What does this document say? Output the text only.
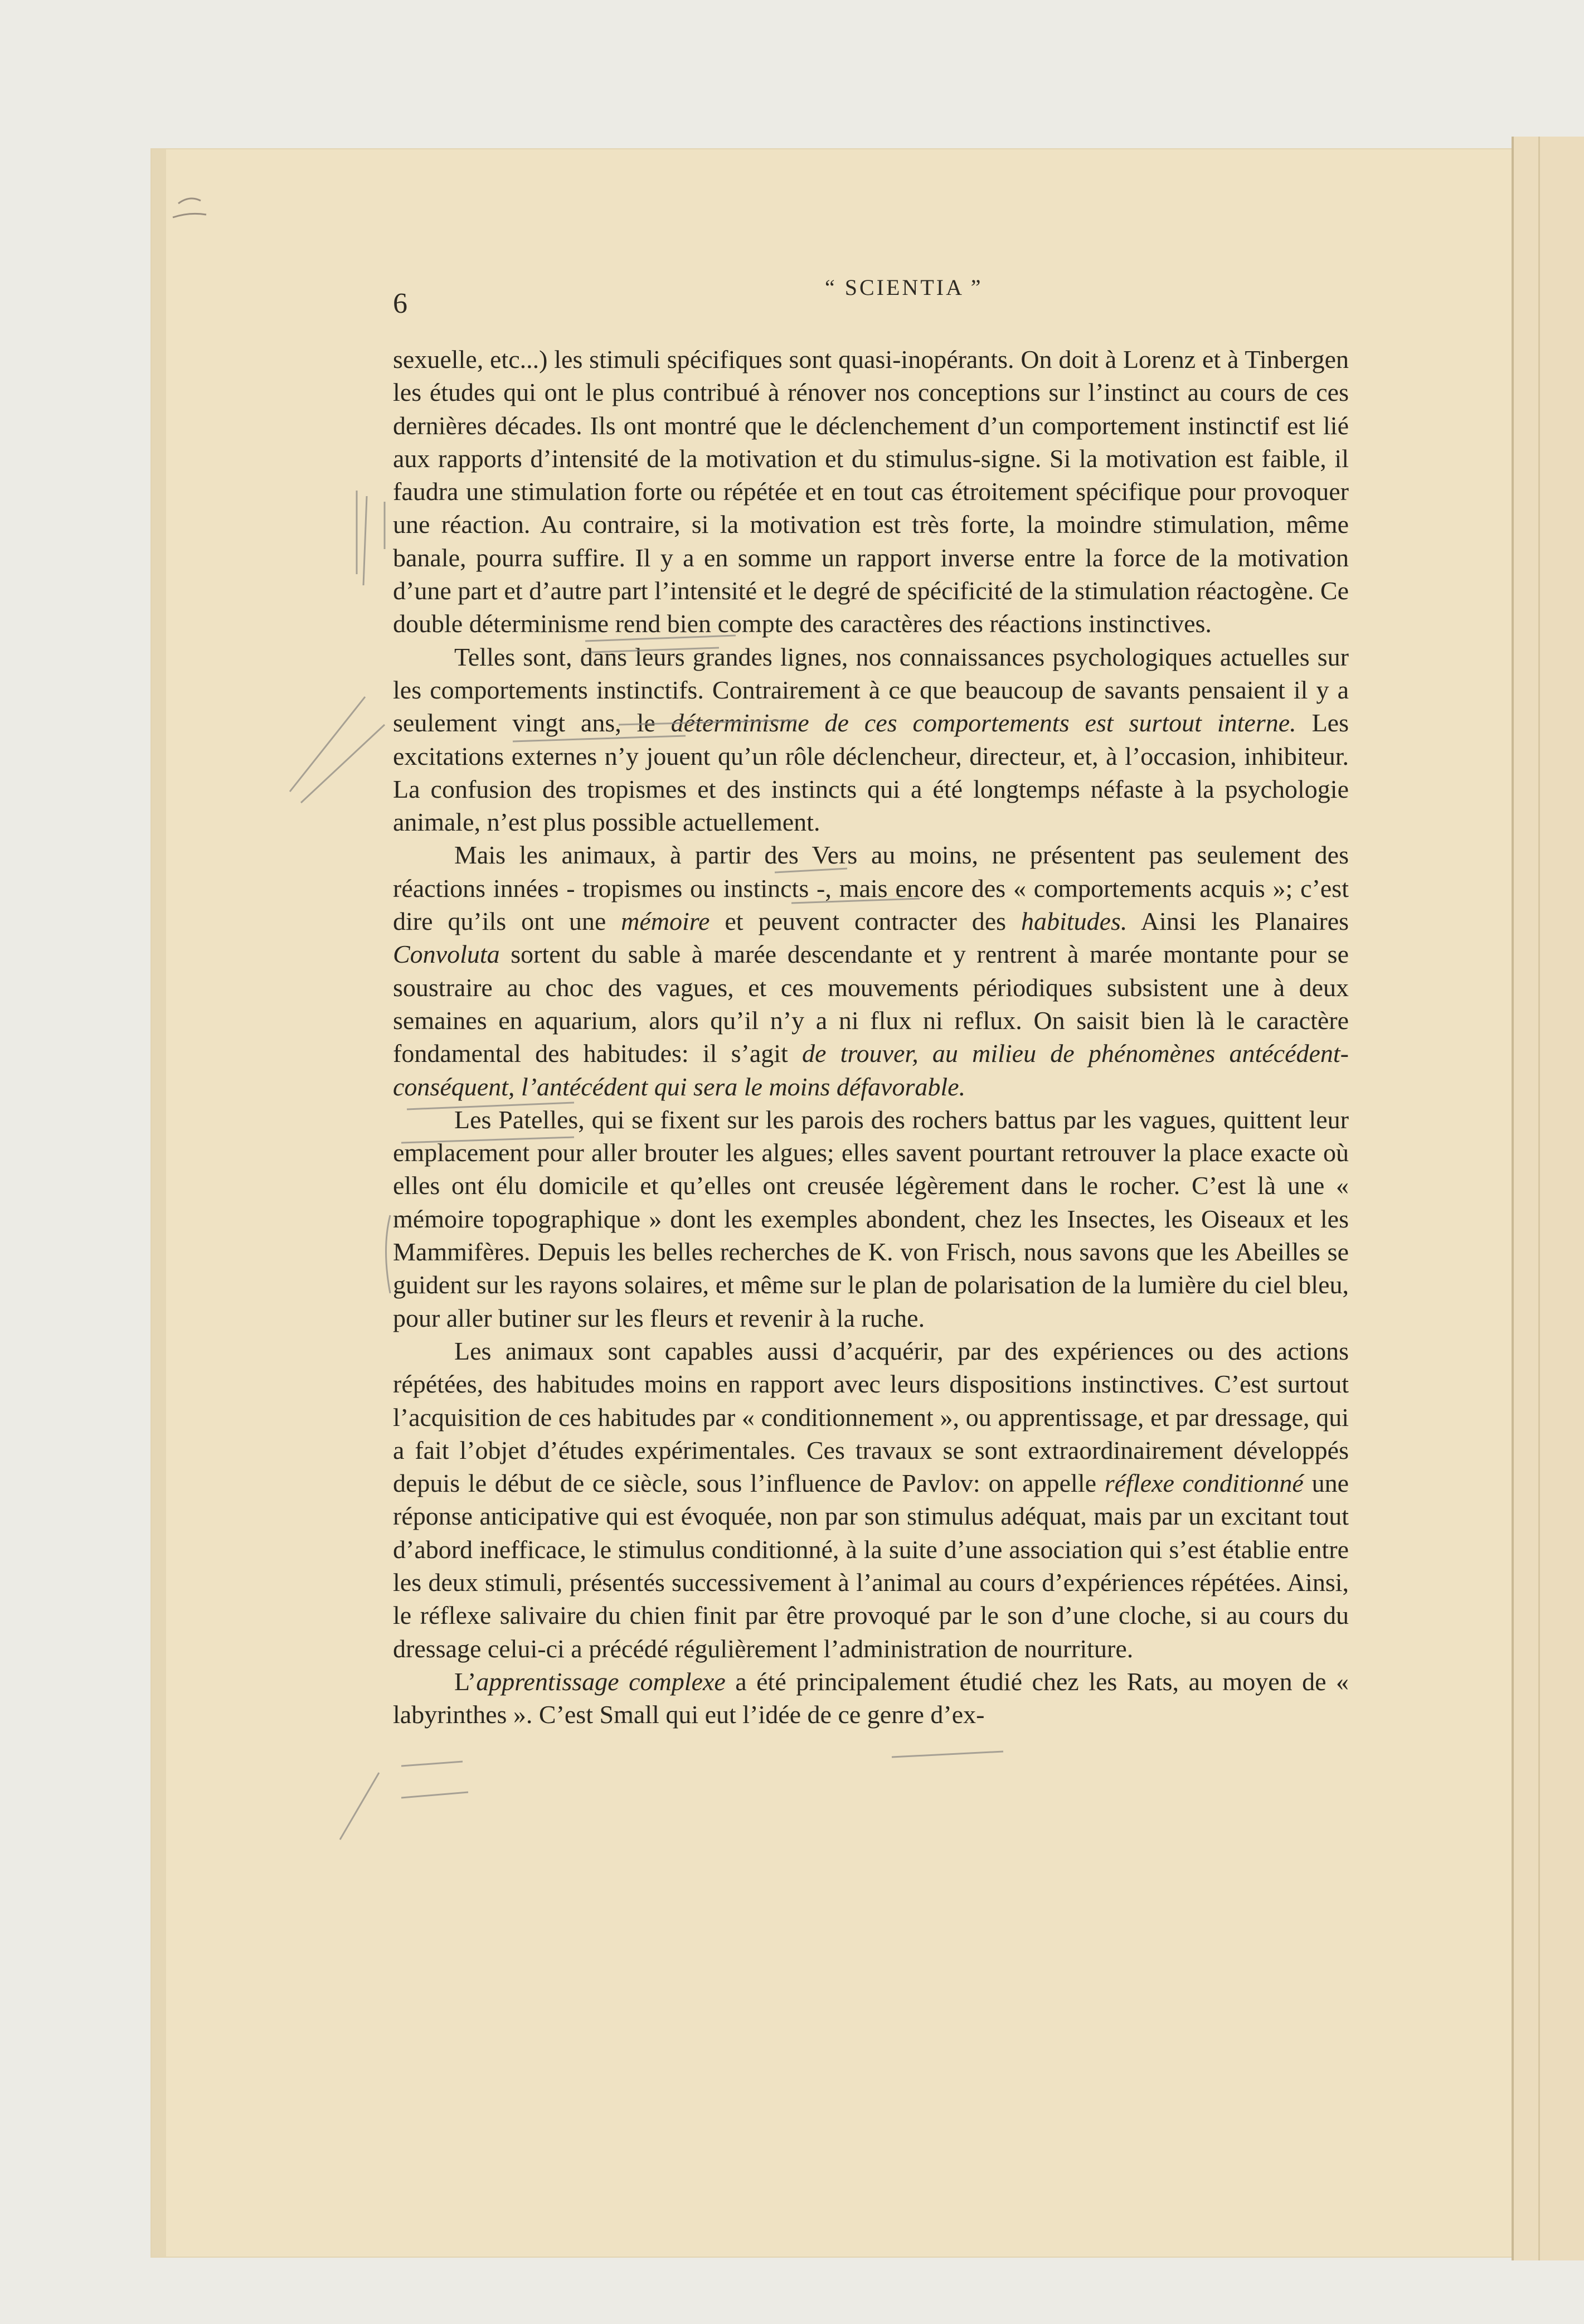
6
“ SCIENTIA ”

sexuelle, etc...) les stimuli spécifiques sont quasi-inopérants. On doit à Lorenz et à Tinbergen les études qui ont le plus contribué à rénover nos conceptions sur l’instinct au cours de ces dernières décades. Ils ont montré que le déclenchement d’un comportement instinctif est lié aux rapports d’intensité de la motivation et du stimulus-signe. Si la motivation est faible, il faudra une stimulation forte ou répétée et en tout cas étroitement spécifique pour provoquer une réaction. Au contraire, si la motivation est très forte, la moindre stimulation, même banale, pourra suffire. Il y a en somme un rapport inverse entre la force de la motivation d’une part et d’autre part l’intensité et le degré de spécificité de la stimulation réactogène. Ce double déterminisme rend bien compte des caractères des réactions instinctives.

Telles sont, dans leurs grandes lignes, nos connaissances psychologiques actuelles sur les comportements instinctifs. Contrairement à ce que beaucoup de savants pensaient il y a seulement vingt ans, le déterminisme de ces comportements est surtout interne. Les excitations externes n’y jouent qu’un rôle déclencheur, directeur, et, à l’occasion, inhibiteur. La confusion des tropismes et des instincts qui a été longtemps néfaste à la psychologie animale, n’est plus possible actuellement.

Mais les animaux, à partir des Vers au moins, ne présentent pas seulement des réactions innées - tropismes ou instincts -, mais encore des « comportements acquis »; c’est dire qu’ils ont une mémoire et peuvent contracter des habitudes. Ainsi les Planaires Convoluta sortent du sable à marée descendante et y rentrent à marée montante pour se soustraire au choc des vagues, et ces mouvements périodiques subsistent une à deux semaines en aquarium, alors qu’il n’y a ni flux ni reflux. On saisit bien là le caractère fondamental des habitudes: il s’agit de trouver, au milieu de phénomènes antécédent-conséquent, l’antécédent qui sera le moins défavorable.

Les Patelles, qui se fixent sur les parois des rochers battus par les vagues, quittent leur emplacement pour aller brouter les algues; elles savent pourtant retrouver la place exacte où elles ont élu domicile et qu’elles ont creusée légèrement dans le rocher. C’est là une « mémoire topographique » dont les exemples abondent, chez les Insectes, les Oiseaux et les Mammifères. Depuis les belles recherches de K. von Frisch, nous savons que les Abeilles se guident sur les rayons solaires, et même sur le plan de polarisation de la lumière du ciel bleu, pour aller butiner sur les fleurs et revenir à la ruche.

Les animaux sont capables aussi d’acquérir, par des expériences ou des actions répétées, des habitudes moins en rapport avec leurs dispositions instinctives. C’est surtout l’acquisition de ces habitudes par « conditionnement », ou apprentissage, et par dressage, qui a fait l’objet d’études expérimentales. Ces travaux se sont extraordinairement développés depuis le début de ce siècle, sous l’influence de Pavlov: on appelle réflexe conditionné une réponse anticipative qui est évoquée, non par son stimulus adéquat, mais par un excitant tout d’abord inefficace, le stimulus conditionné, à la suite d’une association qui s’est établie entre les deux stimuli, présentés successivement à l’animal au cours d’expériences répétées. Ainsi, le réflexe salivaire du chien finit par être provoqué par le son d’une cloche, si au cours du dressage celui-ci a précédé régulièrement l’administration de nourriture.

L’apprentissage complexe a été principalement étudié chez les Rats, au moyen de « labyrinthes ». C’est Small qui eut l’idée de ce genre d’ex-
